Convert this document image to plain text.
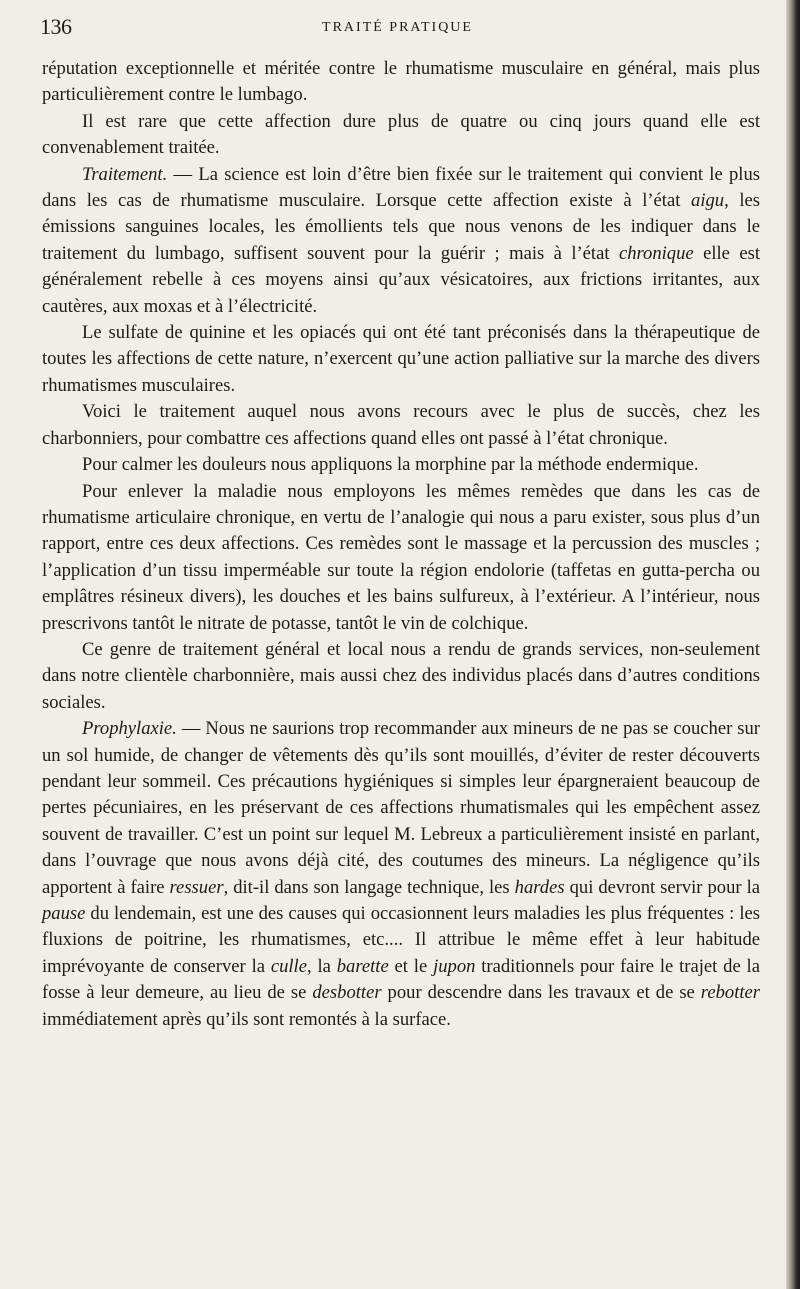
136	TRAITÉ PRATIQUE

réputation exceptionnelle et méritée contre le rhumatisme musculaire en général, mais plus particulièrement contre le lumbago.

Il est rare que cette affection dure plus de quatre ou cinq jours quand elle est convenablement traitée.

Traitement. — La science est loin d’être bien fixée sur le traitement qui convient le plus dans les cas de rhumatisme musculaire. Lorsque cette affection existe à l’état aigu, les émissions sanguines locales, les émollients tels que nous venons de les indiquer dans le traitement du lumbago, suffisent souvent pour la guérir ; mais à l’état chronique elle est généralement rebelle à ces moyens ainsi qu’aux vésicatoires, aux frictions irritantes, aux cautères, aux moxas et à l’électricité.

Le sulfate de quinine et les opiacés qui ont été tant préconisés dans la thérapeutique de toutes les affections de cette nature, n’exercent qu’une action palliative sur la marche des divers rhumatismes musculaires.

Voici le traitement auquel nous avons recours avec le plus de succès, chez les charbonniers, pour combattre ces affections quand elles ont passé à l’état chronique.

Pour calmer les douleurs nous appliquons la morphine par la méthode endermique.

Pour enlever la maladie nous employons les mêmes remèdes que dans les cas de rhumatisme articulaire chronique, en vertu de l’analogie qui nous a paru exister, sous plus d’un rapport, entre ces deux affections. Ces remèdes sont le massage et la percussion des muscles ; l’application d’un tissu imperméable sur toute la région endolorie (taffetas en gutta-percha ou emplâtres résineux divers), les douches et les bains sulfureux, à l’extérieur. A l’intérieur, nous prescrivons tantôt le nitrate de potasse, tantôt le vin de colchique.

Ce genre de traitement général et local nous a rendu de grands services, non-seulement dans notre clientèle charbonnière, mais aussi chez des individus placés dans d’autres conditions sociales.

Prophylaxie. — Nous ne saurions trop recommander aux mineurs de ne pas se coucher sur un sol humide, de changer de vêtements dès qu’ils sont mouillés, d’éviter de rester découverts pendant leur sommeil. Ces précautions hygiéniques si simples leur épargneraient beaucoup de pertes pécuniaires, en les préservant de ces affections rhumatismales qui les empêchent assez souvent de travailler. C’est un point sur lequel M. Lebreux a particulièrement insisté en parlant, dans l’ouvrage que nous avons déjà cité, des coutumes des mineurs. La négligence qu’ils apportent à faire ressuer, dit-il dans son langage technique, les hardes qui devront servir pour la pause du lendemain, est une des causes qui occasionnent leurs maladies les plus fréquentes : les fluxions de poitrine, les rhumatismes, etc.... Il attribue le même effet à leur habitude imprévoyante de conserver la culle, la barette et le jupon traditionnels pour faire le trajet de la fosse à leur demeure, au lieu de se desbotter pour descendre dans les travaux et de se rebotter immédiatement après qu’ils sont remontés à la surface.
